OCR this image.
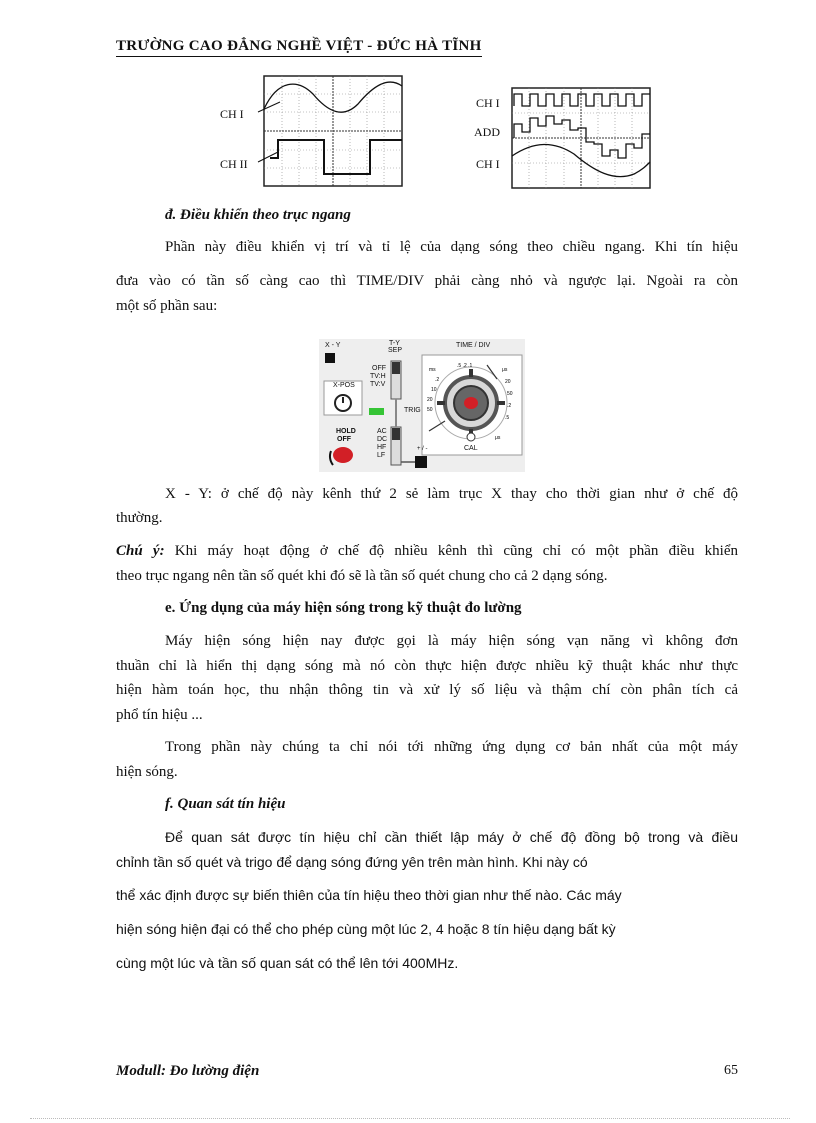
TRƯỜNG CAO ĐẲNG NGHỀ VIỆT - ĐỨC HÀ TĨNH
CH I
CH II
CH I
ADD
CH I
đ. Điều khiển theo trục ngang
Phần này điều khiển vị trí và tỉ lệ của dạng sóng theo chiều ngang. Khi tín hiệu
đưa vào có tần số càng cao thì TIME/DIV phải càng nhỏ và ngược lại. Ngoài ra còn
một số phần sau:
ms
.2
10
20
50
μs
20
50
.2
.5
μs
.5 .2 .1
X - Y
X-POS
HOLD
OFF
T-Y
SEP
OFF
TV:H
TV:V
TRIG
AC
DC
HF
LF
TIME / DIV
CAL
+ / -
X - Y: ở chế độ này kênh thứ 2 sẻ làm trục X thay cho thời gian như ở chế độ
thường.
Chú ý: Khi máy hoạt động ở chế độ nhiều kênh thì cũng chỉ có một phần điều khiển
theo trục ngang nên tần số quét khi đó sẽ là tần số quét chung cho cả 2 dạng sóng.
e. Ứng dụng của máy hiện sóng trong kỹ thuật đo lường
Máy hiện sóng hiện nay được gọi là máy hiện sóng vạn năng vì không đơn
thuần chỉ là hiển thị dạng sóng mà nó còn thực hiện được nhiều kỹ thuật khác như thực
hiện hàm toán học, thu nhận thông tin và xử lý số liệu và thậm chí còn phân tích cả
phổ tín hiệu ...
Trong phần này chúng ta chỉ nói tới những ứng dụng cơ bản nhất của một máy
hiện sóng.
f. Quan sát tín hiệu
Để quan sát được tín hiệu chỉ cần thiết lập máy ở chế độ đồng bộ trong và điều
chỉnh tần số quét và trigo để dạng sóng đứng yên trên màn hình. Khi này có
thể xác định được sự biến thiên của tín hiệu theo thời gian như thế nào. Các máy
hiện sóng hiện đại có thể cho phép cùng một lúc 2, 4 hoặc 8 tín hiệu dạng bất kỳ
cùng một lúc và tần số quan sát có thể lên tới 400MHz.
Modull: Đo lường điện	65
